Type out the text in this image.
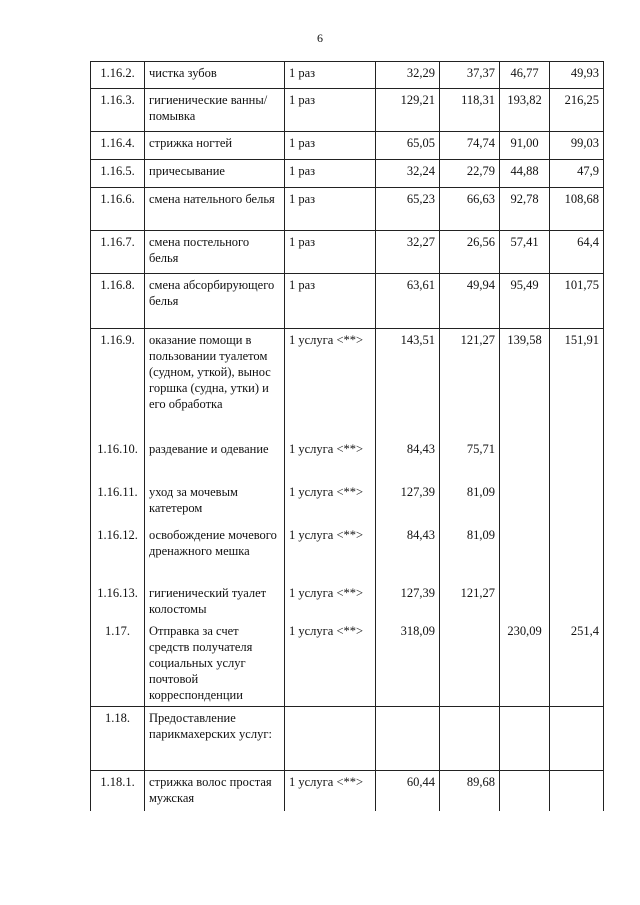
6
1.16.2.	чистка зубов	1 раз	32,29	37,37	46,77	49,93
1.16.3.	гигиенические ванны/помывка	1 раз	129,21	118,31	193,82	216,25
1.16.4.	стрижка ногтей	1 раз	65,05	74,74	91,00	99,03
1.16.5.	причесывание	1 раз	32,24	22,79	44,88	47,9
1.16.6.	смена нательного белья	1 раз	65,23	66,63	92,78	108,68
1.16.7.	смена постельного белья	1 раз	32,27	26,56	57,41	64,4
1.16.8.	смена абсорбирующего белья	1 раз	63,61	49,94	95,49	101,75
1.16.9.	оказание помощи в пользовании туалетом (судном, уткой), вынос горшка (судна, утки) и его обработка	1 услуга <**>	143,51	121,27	139,58	151,91
1.16.10.	раздевание и одевание	1 услуга <**>	84,43	75,71		
1.16.11.	уход за мочевым катетером	1 услуга <**>	127,39	81,09		
1.16.12.	освобождение мочевого дренажного мешка	1 услуга <**>	84,43	81,09		
1.16.13.	гигиенический туалет колостомы	1 услуга <**>	127,39	121,27		
1.17.	Отправка за счет средств получателя социальных услуг почтовой корреспонденции	1 услуга <**>	318,09		230,09	251,4
1.18.	Предоставление парикмахерских услуг:					
1.18.1.	стрижка волос простая мужская	1 услуга <**>	60,44	89,68		
